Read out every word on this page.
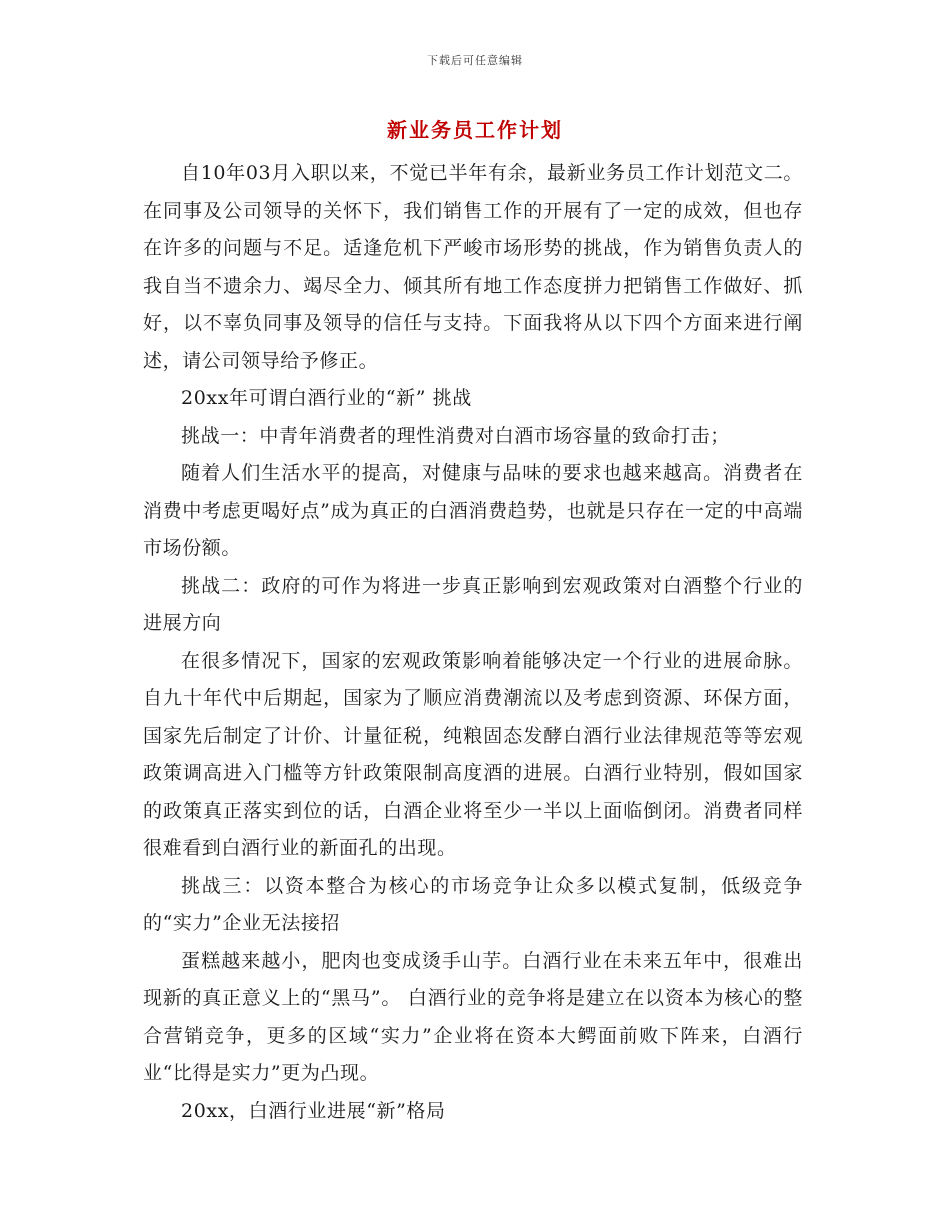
下载后可任意编辑
新业务员工作计划

自10年03月入职以来，不觉已半年有余，最新业务员工作计划范文二。在同事及公司领导的关怀下，我们销售工作的开展有了一定的成效，但也存在许多的问题与不足。适逢危机下严峻市场形势的挑战，作为销售负责人的我自当不遗余力、竭尽全力、倾其所有地工作态度拼力把销售工作做好、抓好，以不辜负同事及领导的信任与支持。下面我将从以下四个方面来进行阐述，请公司领导给予修正。

20xx年可谓白酒行业的“新” 挑战

挑战一：中青年消费者的理性消费对白酒市场容量的致命打击；

随着人们生活水平的提高，对健康与品味的要求也越来越高。消费者在消费中考虑更喝好点”成为真正的白酒消费趋势，也就是只存在一定的中高端市场份额。

挑战二：政府的可作为将进一步真正影响到宏观政策对白酒整个行业的进展方向

在很多情况下，国家的宏观政策影响着能够决定一个行业的进展命脉。自九十年代中后期起，国家为了顺应消费潮流以及考虑到资源、环保方面，国家先后制定了计价、计量征税，纯粮固态发酵白酒行业法律规范等等宏观政策调高进入门槛等方针政策限制高度酒的进展。白酒行业特别，假如国家的政策真正落实到位的话，白酒企业将至少一半以上面临倒闭。消费者同样很难看到白酒行业的新面孔的出现。

挑战三：以资本整合为核心的市场竞争让众多以模式复制，低级竞争的“实力”企业无法接招

蛋糕越来越小，肥肉也变成烫手山芋。白酒行业在未来五年中，很难出现新的真正意义上的“黑马”。 白酒行业的竞争将是建立在以资本为核心的整合营销竞争，更多的区域“实力”企业将在资本大鳄面前败下阵来，白酒行业“比得是实力”更为凸现。

20xx，白酒行业进展“新”格局
